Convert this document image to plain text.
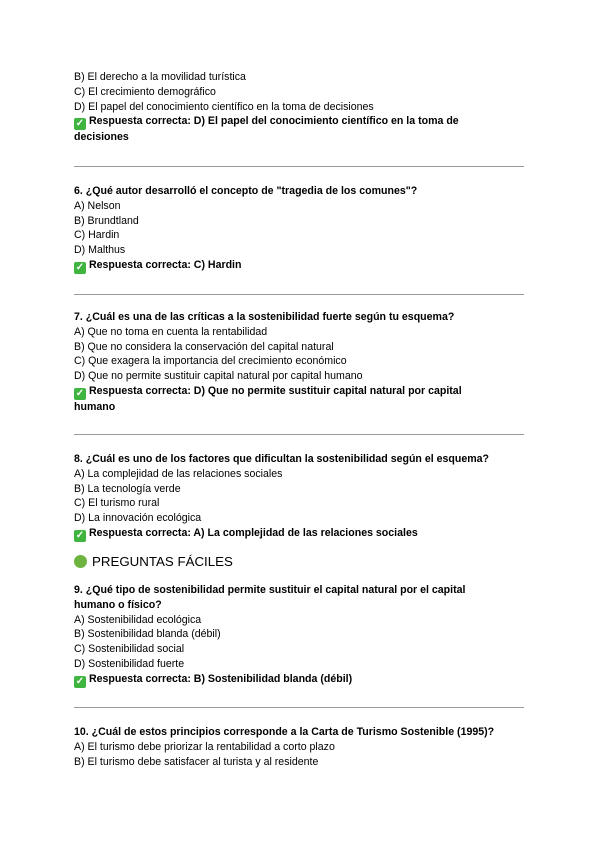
B) El derecho a la movilidad turística
C) El crecimiento demográfico
D) El papel del conocimiento científico en la toma de decisiones
✓ Respuesta correcta: D) El papel del conocimiento científico en la toma de
decisiones
6. ¿Qué autor desarrolló el concepto de "tragedia de los comunes"?
A) Nelson
B) Brundtland
C) Hardin
D) Malthus
✓ Respuesta correcta: C) Hardin
7. ¿Cuál es una de las críticas a la sostenibilidad fuerte según tu esquema?
A) Que no toma en cuenta la rentabilidad
B) Que no considera la conservación del capital natural
C) Que exagera la importancia del crecimiento económico
D) Que no permite sustituir capital natural por capital humano
✓ Respuesta correcta: D) Que no permite sustituir capital natural por capital
humano
8. ¿Cuál es uno de los factores que dificultan la sostenibilidad según el esquema?
A) La complejidad de las relaciones sociales
B) La tecnología verde
C) El turismo rural
D) La innovación ecológica
✓ Respuesta correcta: A) La complejidad de las relaciones sociales
PREGUNTAS FÁCILES
9. ¿Qué tipo de sostenibilidad permite sustituir el capital natural por el capital
humano o físico?
A) Sostenibilidad ecológica
B) Sostenibilidad blanda (débil)
C) Sostenibilidad social
D) Sostenibilidad fuerte
✓ Respuesta correcta: B) Sostenibilidad blanda (débil)
10. ¿Cuál de estos principios corresponde a la Carta de Turismo Sostenible (1995)?
A) El turismo debe priorizar la rentabilidad a corto plazo
B) El turismo debe satisfacer al turista y al residente
